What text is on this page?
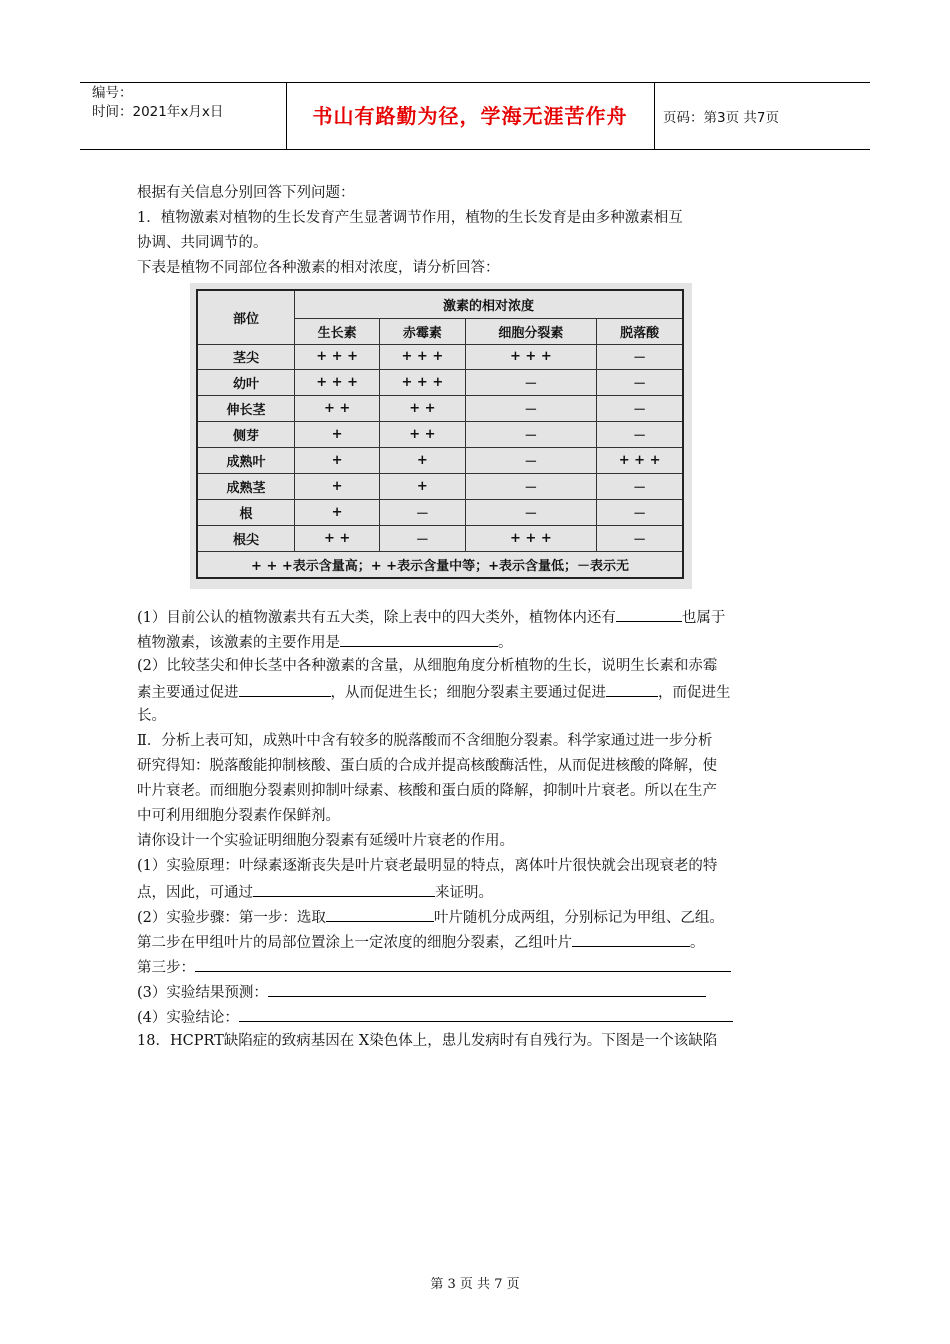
编号：
时间：2021年x月x日	书山有路勤为径，学海无涯苦作舟	页码：第3页 共7页
根据有关信息分别回答下列问题：
1．植物激素对植物的生长发育产生显著调节作用，植物的生长发育是由多种激素相互
协调、共同调节的。
下表是植物不同部位各种激素的相对浓度，请分析回答：
部位	激素的相对浓度			
	生长素	赤霉素	细胞分裂素	脱落酸
茎尖	+ + +	+ + +	+ + +	－
幼叶	+ + +	+ + +	－	－
伸长茎	+ +	+ +	－	－
侧芽	+	+ +	－	－
成熟叶	+	+	－	+ + +
成熟茎	+	+	－	－
根	+	－	－	－
根尖	+ +	－	+ + +	－
+ + +表示含量高；+ +表示含量中等；+表示含量低；－表示无				
(1）目前公认的植物激素共有五大类，除上表中的四大类外，植物体内还有	也属于
植物激素，该激素的主要作用是	。
(2）比较茎尖和伸长茎中各种激素的含量，从细胞角度分析植物的生长，说明生长素和赤霉
素主要通过促进	，从而促进生长；细胞分裂素主要通过促进	，而促进生
长。
Ⅱ．分析上表可知，成熟叶中含有较多的脱落酸而不含细胞分裂素。科学家通过进一步分析
研究得知：脱落酸能抑制核酸、蛋白质的合成并提高核酸酶活性，从而促进核酸的降解，使
叶片衰老。而细胞分裂素则抑制叶绿素、核酸和蛋白质的降解，抑制叶片衰老。所以在生产
中可利用细胞分裂素作保鲜剂。
请你设计一个实验证明细胞分裂素有延缓叶片衰老的作用。
(1）实验原理：叶绿素逐渐丧失是叶片衰老最明显的特点，离体叶片很快就会出现衰老的特
点，因此，可通过	来证明。
(2）实验步骤：第一步：选取	叶片随机分成两组，分别标记为甲组、乙组。
第二步在甲组叶片的局部位置涂上一定浓度的细胞分裂素，乙组叶片	。
第三步：
(3）实验结果预测：
(4）实验结论：
18．HCPRT缺陷症的致病基因在 X染色体上，患儿发病时有自残行为。下图是一个该缺陷
第 3 页 共 7 页
